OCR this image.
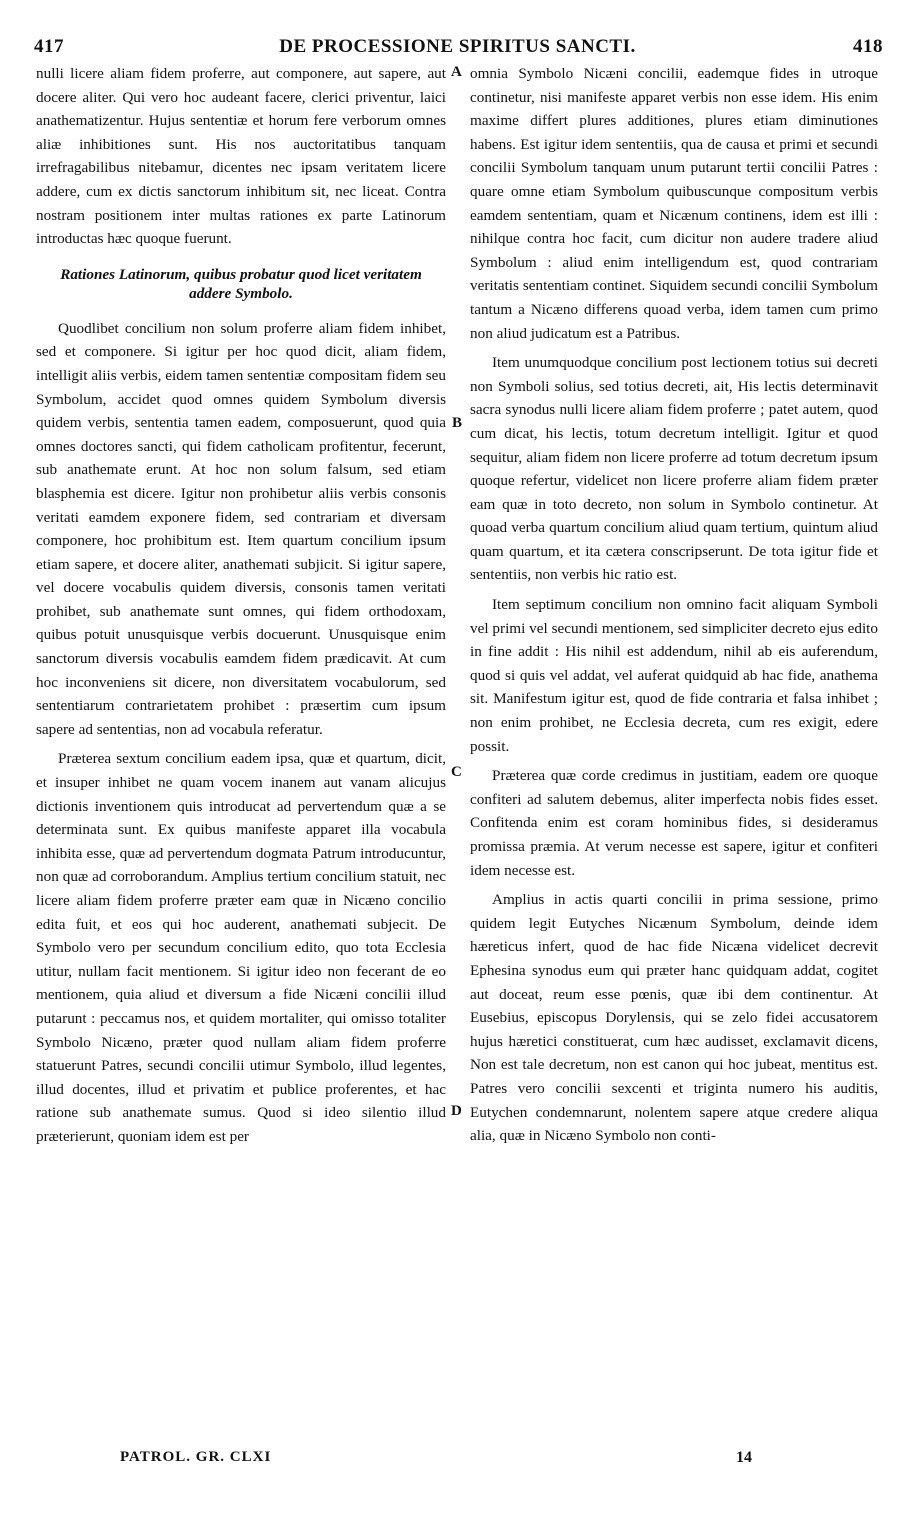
417	DE PROCESSIONE SPIRITUS SANCTI.	418

nulli licere aliam fidem proferre, aut componere, aut sapere, aut docere aliter. Qui vero hoc audeant facere, clerici priventur, laici anathematizentur. Hujus sententiæ et horum fere verborum omnes aliæ inhibitiones sunt. His nos auctoritatibus tanquam irrefragabilibus nitebamur, dicentes nec ipsam veritatem licere addere, cum ex dictis sanctorum inhibitum sit, nec liceat. Contra nostram positionem inter multas rationes ex parte Latinorum introductas hæc quoque fuerunt.

Rationes Latinorum, quibus probatur quod licet veritatem addere Symbolo.

Quodlibet concilium non solum proferre aliam fidem inhibet, sed et componere. Si igitur per hoc quod dicit, aliam fidem, intelligit aliis verbis, eidem tamen sententiæ compositam fidem seu Symbolum, accidet quod omnes quidem Symbolum diversis quidem verbis, sententia tamen eadem, composuerunt, quod quia omnes doctores sancti, qui fidem catholicam profitentur, fecerunt, sub anathemate erunt. At hoc non solum falsum, sed etiam blasphemia est dicere. Igitur non prohibetur aliis verbis consonis veritati eamdem exponere fidem, sed contrariam et diversam componere, hoc prohibitum est. Item quartum concilium ipsum etiam sapere, et docere aliter, anathemati subjicit. Si igitur sapere, vel docere vocabulis quidem diversis, consonis tamen veritati prohibet, sub anathemate sunt omnes, qui fidem orthodoxam, quibus potuit unusquisque verbis docuerunt. Unusquisque enim sanctorum diversis vocabulis eamdem fidem prædicavit. At cum hoc inconveniens sit dicere, non diversitatem vocabulorum, sed sententiarum contrarietatem prohibet : præsertim cum ipsum sapere ad sententias, non ad vocabula referatur.

Præterea sextum concilium eadem ipsa, quæ et quartum, dicit, et insuper inhibet ne quam vocem inanem aut vanam alicujus dictionis inventionem quis introducat ad pervertendum quæ a se determinata sunt. Ex quibus manifeste apparet illa vocabula inhibita esse, quæ ad pervertendum dogmata Patrum introducuntur, non quæ ad corroborandum. Amplius tertium concilium statuit, nec licere aliam fidem proferre præter eam quæ in Nicæno concilio edita fuit, et eos qui hoc auderent, anathemati subjecit. De Symbolo vero per secundum concilium edito, quo tota Ecclesia utitur, nullam facit mentionem. Si igitur ideo non fecerant de eo mentionem, quia aliud et diversum a fide Nicæni concilii illud putarunt : peccamus nos, et quidem mortaliter, qui omisso totaliter Symbolo Nicæno, præter quod nullam aliam fidem proferre statuerunt Patres, secundi concilii utimur Symbolo, illud legentes, illud docentes, illud et privatim et publice proferentes, et hac ratione sub anathemate sumus. Quod si ideo silentio illud præterierunt, quoniam idem est per

omnia Symbolo Nicæni concilii, eademque fides in utroque continetur, nisi manifeste apparet verbis non esse idem. His enim maxime differt plures additiones, plures etiam diminutiones habens. Est igitur idem sententiis, qua de causa et primi et secundi concilii Symbolum tanquam unum putarunt tertii concilii Patres : quare omne etiam Symbolum quibuscunque compositum verbis eamdem sententiam, quam et Nicænum continens, idem est illi : nihilque contra hoc facit, cum dicitur non audere tradere aliud Symbolum : aliud enim intelligendum est, quod contrariam veritatis sententiam continet. Siquidem secundi concilii Symbolum tantum a Nicæno differens quoad verba, idem tamen cum primo non aliud judicatum est a Patribus.

Item unumquodque concilium post lectionem totius sui decreti non Symboli solius, sed totius decreti, ait, His lectis determinavit sacra synodus nulli licere aliam fidem proferre ; patet autem, quod cum dicat, his lectis, totum decretum intelligit. Igitur et quod sequitur, aliam fidem non licere proferre ad totum decretum ipsum quoque refertur, videlicet non licere proferre aliam fidem præter eam quæ in toto decreto, non solum in Symbolo continetur. At quoad verba quartum concilium aliud quam tertium, quintum aliud quam quartum, et ita cætera conscripserunt. De tota igitur fide et sententiis, non verbis hic ratio est.

Item septimum concilium non omnino facit aliquam Symboli vel primi vel secundi mentionem, sed simpliciter decreto ejus edito in fine addit : His nihil est addendum, nihil ab eis auferendum, quod si quis vel addat, vel auferat quidquid ab hac fide, anathema sit. Manifestum igitur est, quod de fide contraria et falsa inhibet ; non enim prohibet, ne Ecclesia decreta, cum res exigit, edere possit.

Præterea quæ corde credimus in justitiam, eadem ore quoque confiteri ad salutem debemus, aliter imperfecta nobis fides esset. Confitenda enim est coram hominibus fides, si desideramus promissa præmia. At verum necesse est sapere, igitur et confiteri idem necesse est.

Amplius in actis quarti concilii in prima sessione, primo quidem legit Eutyches Nicænum Symbolum, deinde idem hæreticus infert, quod de hac fide Nicæna videlicet decrevit Ephesina synodus eum qui præter hanc quidquam addat, cogitet aut doceat, reum esse pœnis, quæ ibi dem continentur. At Eusebius, episcopus Dorylensis, qui se zelo fidei accusatorem hujus hæretici constituerat, cum hæc audisset, exclamavit dicens, Non est tale decretum, non est canon qui hoc jubeat, mentitus est. Patres vero concilii sexcenti et triginta numero his auditis, Eutychen condemnarunt, nolentem sapere atque credere aliqua alia, quæ in Nicæno Symbolo non conti-

A
B
C
D
PATROL. GR. CLXI	14
